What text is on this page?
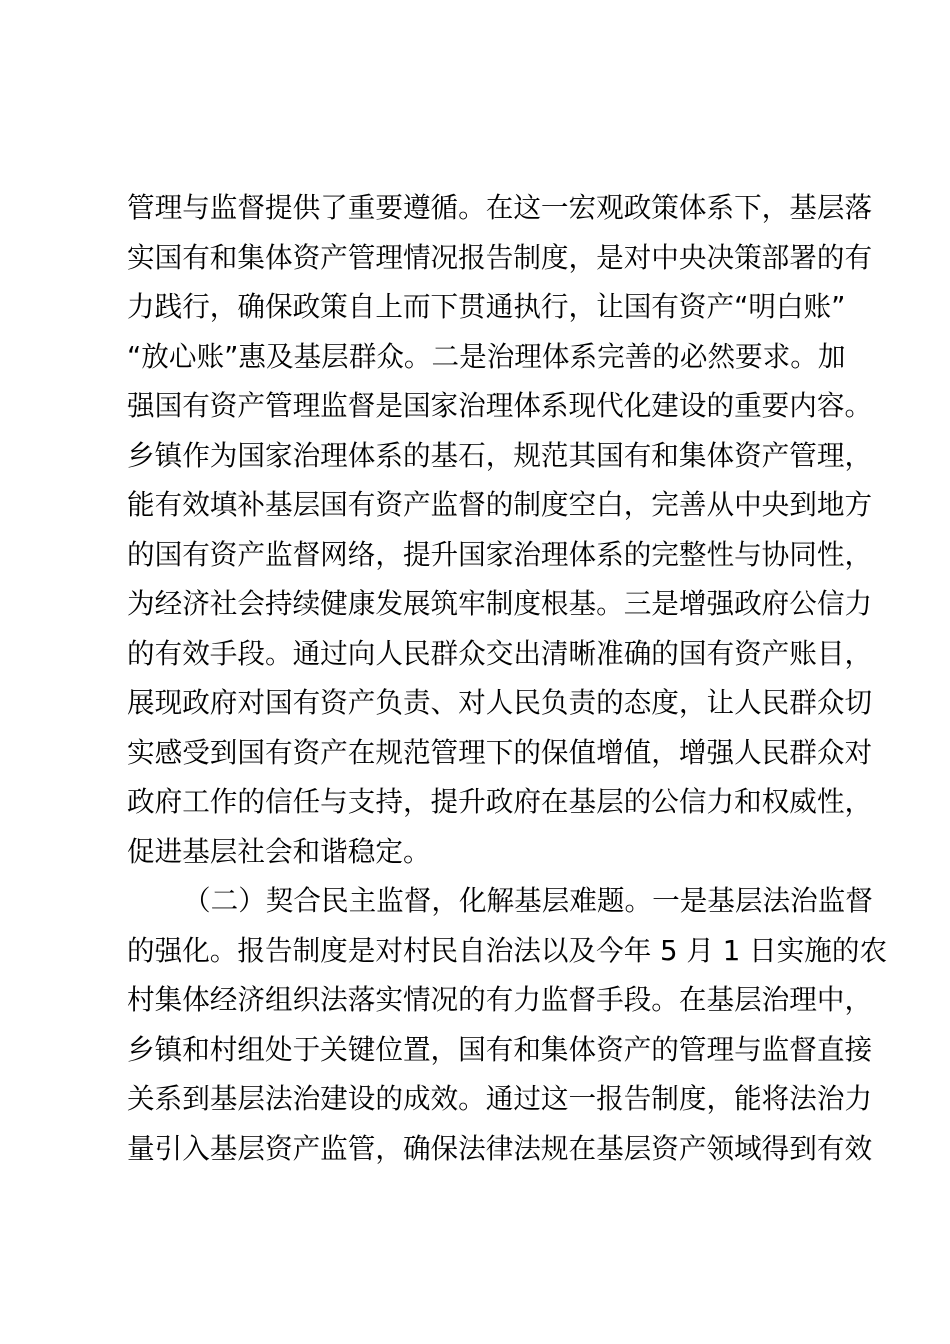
管理与监督提供了重要遵循。在这一宏观政策体系下，基层落
实国有和集体资产管理情况报告制度，是对中央决策部署的有
力践行，确保政策自上而下贯通执行，让国有资产“明白账”
“放心账”惠及基层群众。二是治理体系完善的必然要求。加
强国有资产管理监督是国家治理体系现代化建设的重要内容。
乡镇作为国家治理体系的基石，规范其国有和集体资产管理，
能有效填补基层国有资产监督的制度空白，完善从中央到地方
的国有资产监督网络，提升国家治理体系的完整性与协同性，
为经济社会持续健康发展筑牢制度根基。三是增强政府公信力
的有效手段。通过向人民群众交出清晰准确的国有资产账目，
展现政府对国有资产负责、对人民负责的态度，让人民群众切
实感受到国有资产在规范管理下的保值增值，增强人民群众对
政府工作的信任与支持，提升政府在基层的公信力和权威性，
促进基层社会和谐稳定。
（二）契合民主监督，化解基层难题。一是基层法治监督
的强化。报告制度是对村民自治法以及今年 5 月 1 日实施的农
村集体经济组织法落实情况的有力监督手段。在基层治理中，
乡镇和村组处于关键位置，国有和集体资产的管理与监督直接
关系到基层法治建设的成效。通过这一报告制度，能将法治力
量引入基层资产监管，确保法律法规在基层资产领域得到有效
